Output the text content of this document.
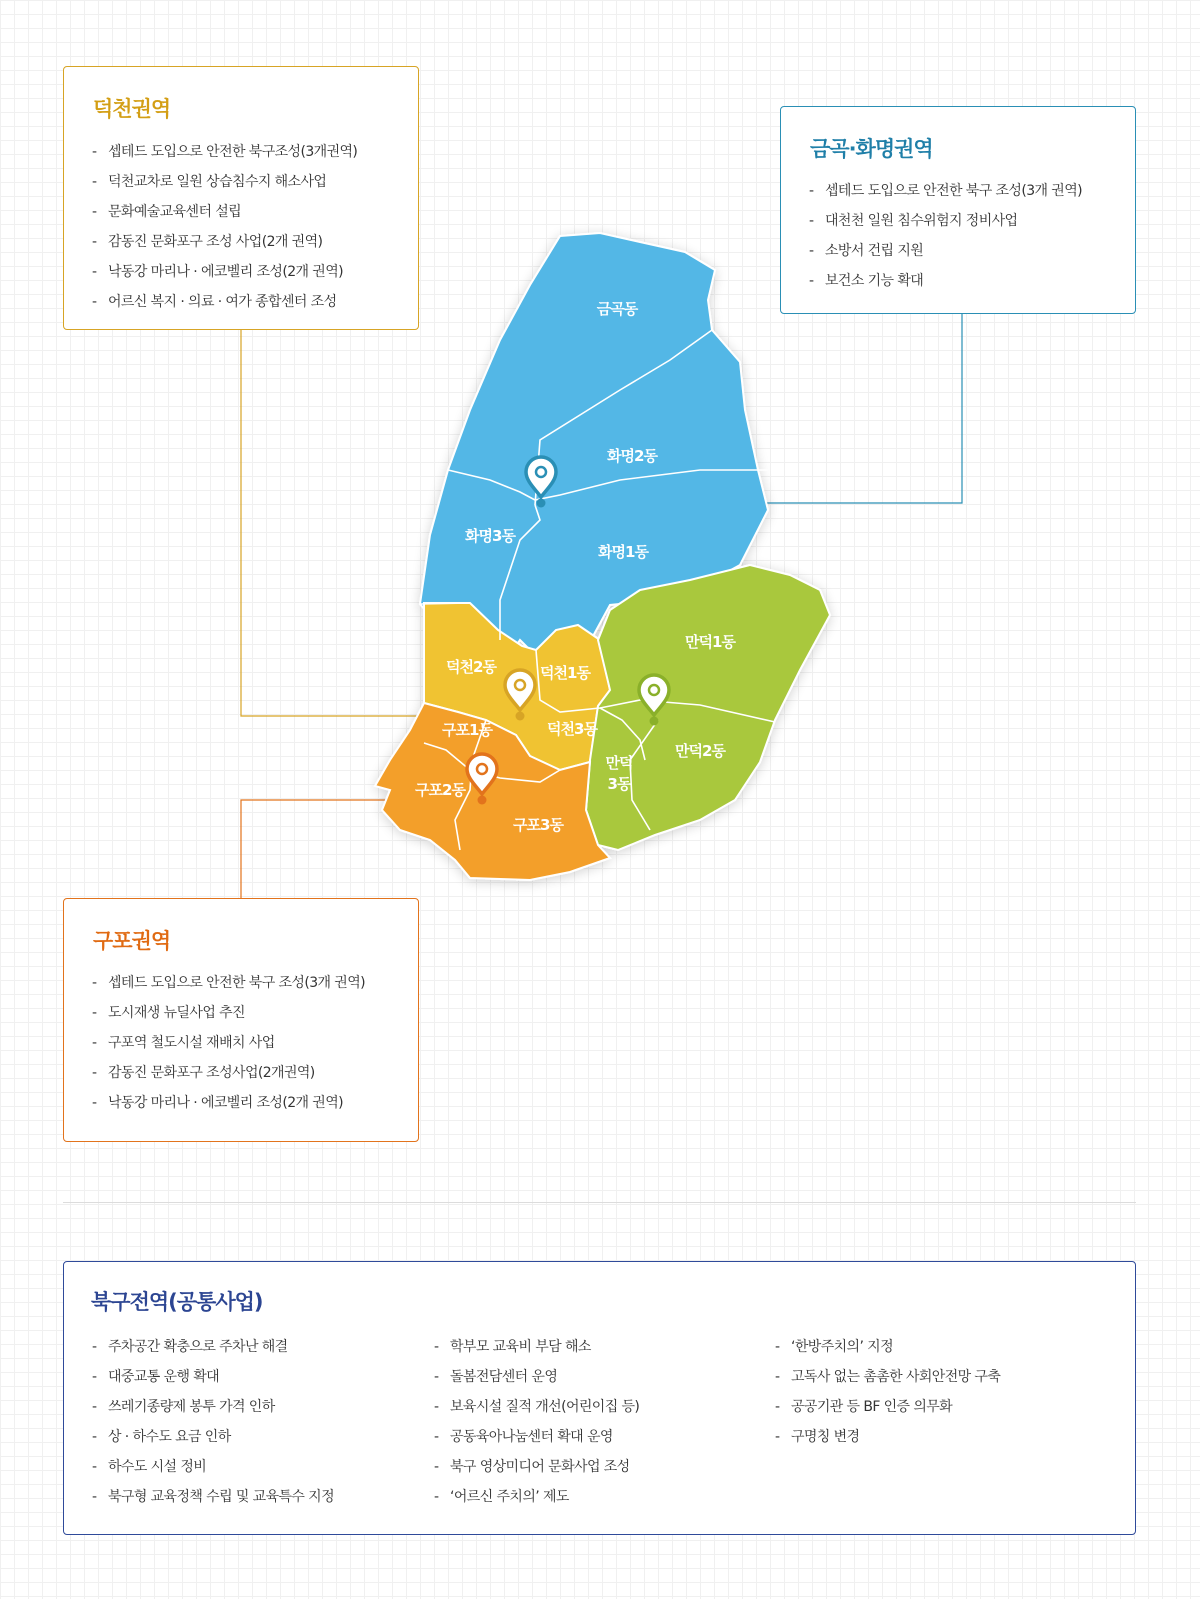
금곡동
화명2동
화명3동
화명1동
만덕1동
덕천2동	덕천1동
구포1동	덕천3동
만덕
3동
만덕2동
구포2동
구포3동
덕천권역
- 셉테드 도입으로 안전한 북구조성(3개권역)
- 덕천교차로 일원 상습침수지 해소사업
- 문화예술교육센터 설립
- 감동진 문화포구 조성 사업(2개 권역)
- 낙동강 마리나 · 에코벨리 조성(2개 권역)
- 어르신 복지 · 의료 · 여가 종합센터 조성
금곡·화명권역
- 셉테드 도입으로 안전한 북구 조성(3개 권역)
- 대천천 일원 침수위험지 정비사업
- 소방서 건립 지원
- 보건소 기능 확대
구포권역
- 셉테드 도입으로 안전한 북구 조성(3개 권역)
- 도시재생 뉴딜사업 추진
- 구포역 철도시설 재배치 사업
- 감동진 문화포구 조성사업(2개권역)
- 낙동강 마리나 · 에코벨리 조성(2개 권역)
북구전역(공통사업)
- 주차공간 확충으로 주차난 해결
- 대중교통 운행 확대
- 쓰레기종량제 봉투 가격 인하
- 상 · 하수도 요금 인하
- 하수도 시설 정비
- 북구형 교육정책 수립 및 교육특수 지정
- 학부모 교육비 부담 해소
- 돌봄전담센터 운영
- 보육시설 질적 개선(어린이집 등)
- 공동육아나눔센터 확대 운영
- 북구 영상미디어 문화사업 조성
- ‘어르신 주치의’ 제도
- ‘한방주치의’ 지정
- 고독사 없는 촘촘한 사회안전망 구축
- 공공기관 등 BF 인증 의무화
- 구명칭 변경
